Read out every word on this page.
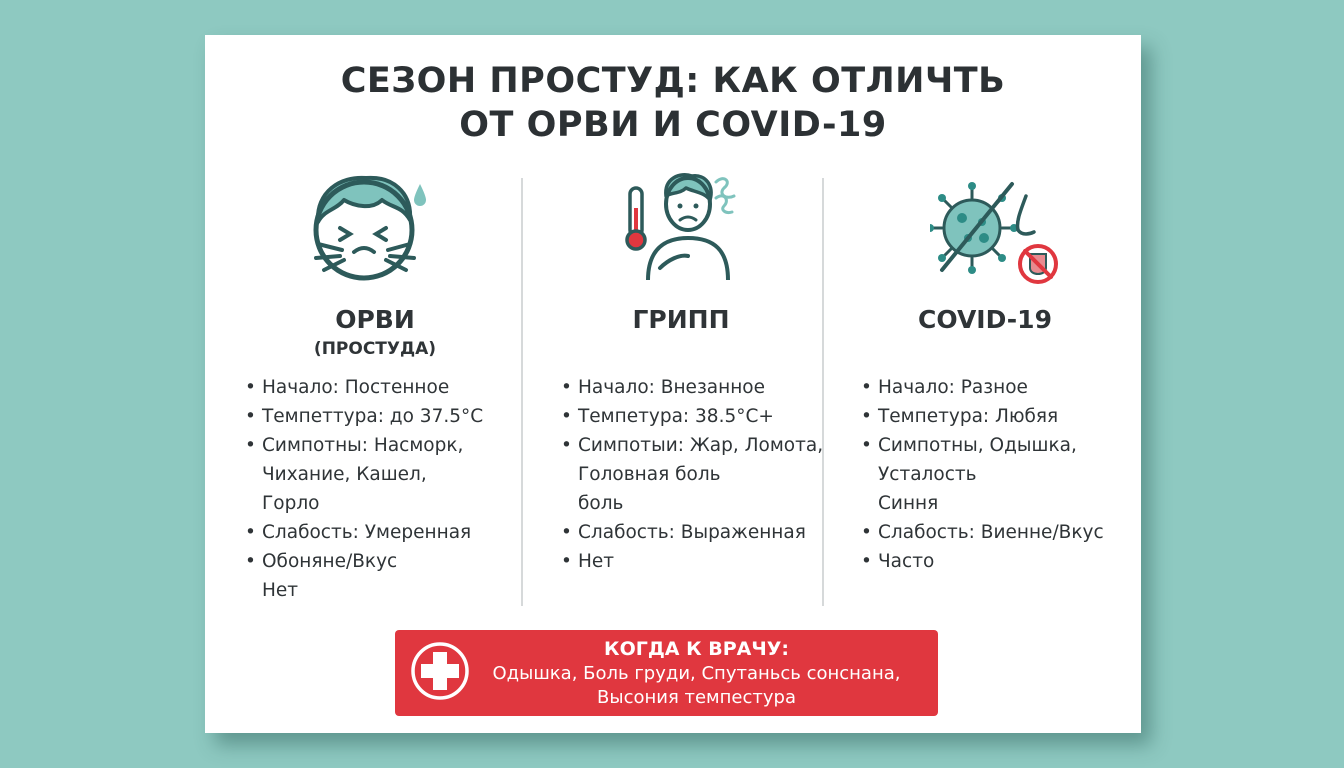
СЕЗОН ПРОСТУД: КАК ОТЛИЧТЬ
ОТ ОРВИ И COVID-19
ОРВИ
(ПРОСТУДА)
• Начало: Постенное
• Темпеттура: до 37.5°C
• Симпотны: Насморк,
Чихание, Кашел,
Горло
• Слабость: Умеренная
• Обоняне/Вкус
Нет
ГРИПП
• Начало: Внезанное
• Темпетура: 38.5°C+
• Симпотыи: Жар, Ломота,
Головная боль
боль
• Слабость: Выраженная
• Нет
COVID-19
• Начало: Разное
• Темпетура: Любяя
• Симпотны, Одышка,
Усталость
Синня
• Слабость: Виенне/Вкус
• Часто
КОГДА К ВРАЧУ:
Одышка, Боль груди, Спутаньсь сонснана,
Высония темпестура
